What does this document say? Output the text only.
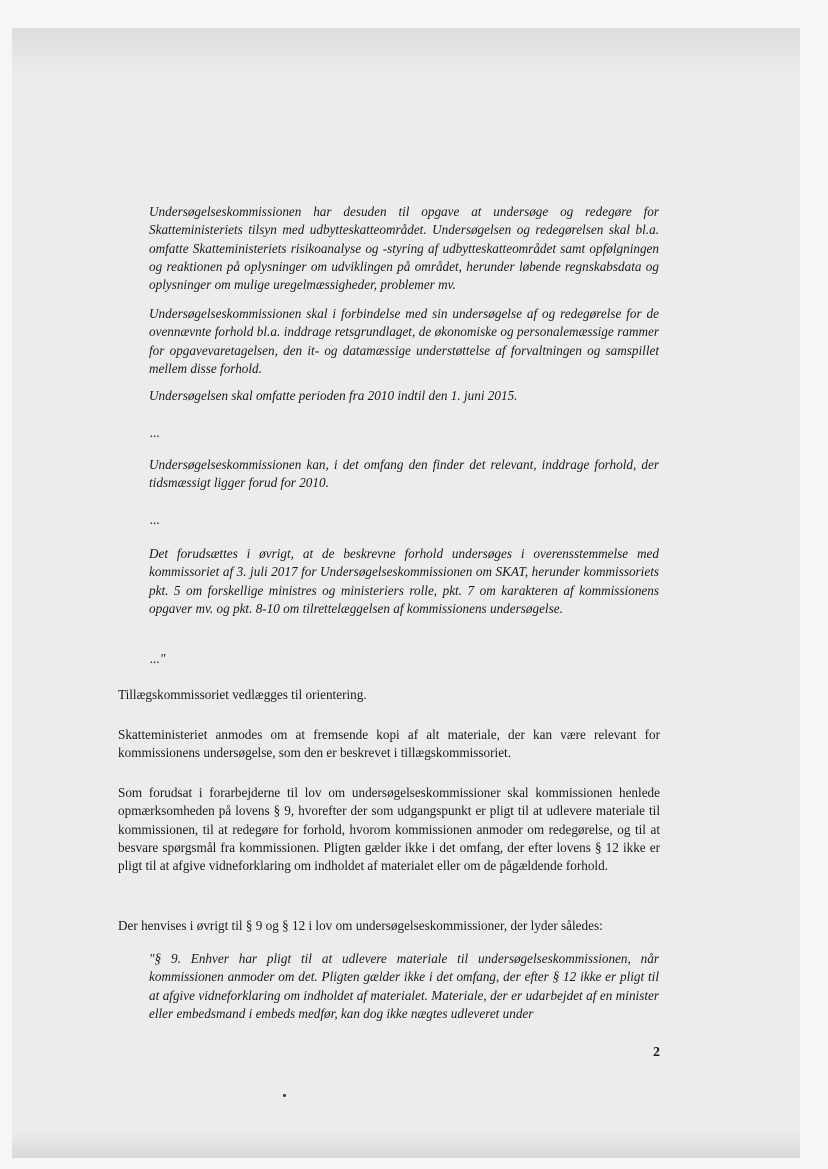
Undersøgelseskommissionen har desuden til opgave at undersøge og redegøre for Skatteministeriets tilsyn med udbytteskatteområdet. Undersøgelsen og redegørelsen skal bl.a. omfatte Skatteministeriets risikoanalyse og -styring af udbytteskatteområdet samt opfølgningen og reaktionen på oplysninger om udviklingen på området, herunder løbende regnskabsdata og oplysninger om mulige uregelmæssigheder, problemer mv.

Undersøgelseskommissionen skal i forbindelse med sin undersøgelse af og redegørelse for de ovennævnte forhold bl.a. inddrage retsgrundlaget, de økonomiske og personalemæssige rammer for opgavevaretagelsen, den it- og datamæssige understøttelse af forvaltningen og samspillet mellem disse forhold.

Undersøgelsen skal omfatte perioden fra 2010 indtil den 1. juni 2015.

...

Undersøgelseskommissionen kan, i det omfang den finder det relevant, inddrage forhold, der tidsmæssigt ligger forud for 2010.

...

Det forudsættes i øvrigt, at de beskrevne forhold undersøges i overensstemmelse med kommissoriet af 3. juli 2017 for Undersøgelseskommissionen om SKAT, herunder kommissoriets pkt. 5 om forskellige ministres og ministeriers rolle, pkt. 7 om karakteren af kommissionens opgaver mv. og pkt. 8-10 om tilrettelæggelsen af kommissionens undersøgelse.

..."

Tillægskommissoriet vedlægges til orientering.

Skatteministeriet anmodes om at fremsende kopi af alt materiale, der kan være relevant for kommissionens undersøgelse, som den er beskrevet i tillægskommissoriet.

Som forudsat i forarbejderne til lov om undersøgelseskommissioner skal kommissionen henlede opmærksomheden på lovens § 9, hvorefter der som udgangspunkt er pligt til at udlevere materiale til kommissionen, til at redegøre for forhold, hvorom kommissionen anmoder om redegørelse, og til at besvare spørgsmål fra kommissionen. Pligten gælder ikke i det omfang, der efter lovens § 12 ikke er pligt til at afgive vidneforklaring om indholdet af materialet eller om de pågældende forhold.

Der henvises i øvrigt til § 9 og § 12 i lov om undersøgelseskommissioner, der lyder således:

"§ 9. Enhver har pligt til at udlevere materiale til undersøgelseskommissionen, når kommissionen anmoder om det. Pligten gælder ikke i det omfang, der efter § 12 ikke er pligt til at afgive vidneforklaring om indholdet af materialet. Materiale, der er udarbejdet af en minister eller embedsmand i embeds medfør, kan dog ikke nægtes udleveret under

2
